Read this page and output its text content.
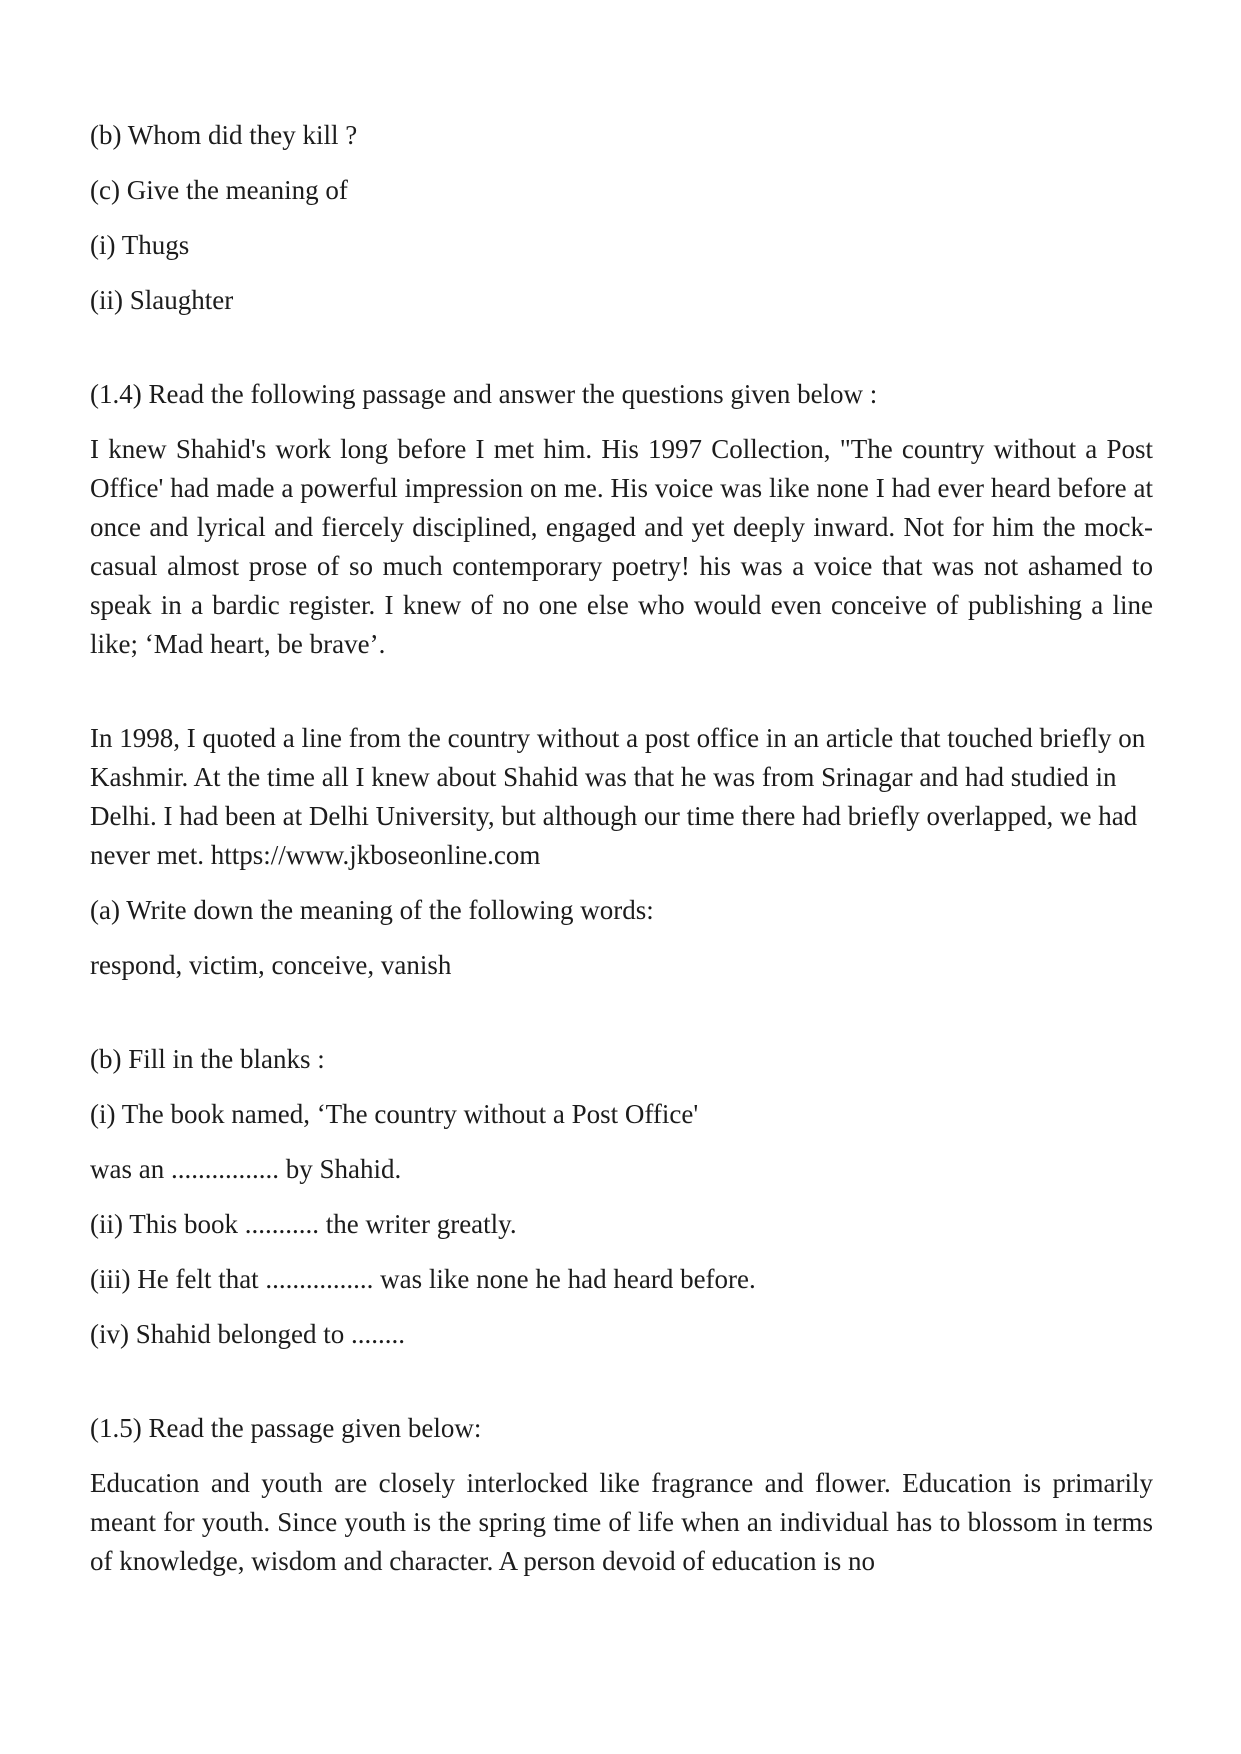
(b) Whom did they kill ?

(c) Give the meaning of

(i) Thugs

(ii) Slaughter

(1.4) Read the following passage and answer the questions given below :

I knew Shahid's work long before I met him. His 1997 Collection, "The country without a Post Office' had made a powerful impression on me. His voice was like none I had ever heard before at once and lyrical and fiercely disciplined, engaged and yet deeply inward. Not for him the mock-casual almost prose of so much contemporary poetry! his was a voice that was not ashamed to speak in a bardic register. I knew of no one else who would even conceive of publishing a line like; ‘Mad heart, be brave’.

In 1998, I quoted a line from the country without a post office in an article that touched briefly on Kashmir. At the time all I knew about Shahid was that he was from Srinagar and had studied in Delhi. I had been at Delhi University, but although our time there had briefly overlapped, we had never met. https://www.jkboseonline.com

(a) Write down the meaning of the following words:

respond, victim, conceive, vanish

(b) Fill in the blanks :

(i) The book named, ‘The country without a Post Office'

was an ................ by Shahid.

(ii) This book ........... the writer greatly.

(iii) He felt that ................ was like none he had heard before.

(iv) Shahid belonged to ........

(1.5) Read the passage given below:

Education and youth are closely interlocked like fragrance and flower. Education is primarily meant for youth. Since youth is the spring time of life when an individual has to blossom in terms of knowledge, wisdom and character. A person devoid of education is no
